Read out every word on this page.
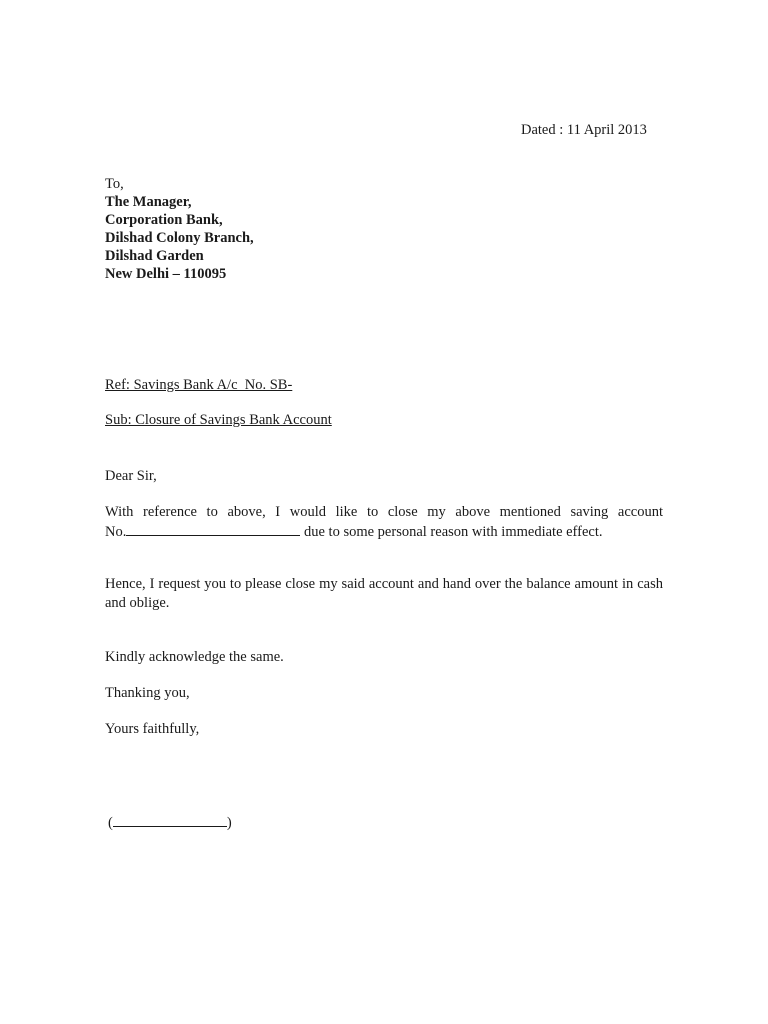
Dated : 11 April 2013
To,
The Manager,
Corporation Bank,
Dilshad Colony Branch,
Dilshad Garden
New Delhi – 110095
Ref: Savings Bank A/c  No. SB-
Sub: Closure of Savings Bank Account
Dear Sir,
With reference to above, I would like to close my above mentioned saving account
No.	due to some personal reason with immediate effect.
Hence, I request you to please close my said account and hand over the balance amount in cash and oblige.
Kindly acknowledge the same.
Thanking you,
Yours faithfully,
(	)
